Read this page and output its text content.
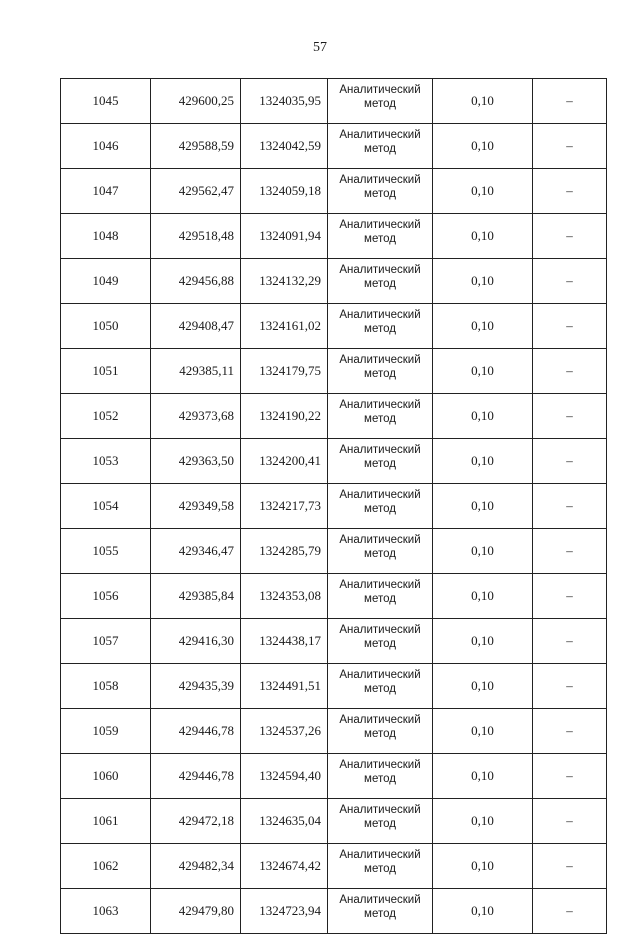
57
1045	429600,25	1324035,95	Аналитический метод	0,10	–
1046	429588,59	1324042,59	Аналитический метод	0,10	–
1047	429562,47	1324059,18	Аналитический метод	0,10	–
1048	429518,48	1324091,94	Аналитический метод	0,10	–
1049	429456,88	1324132,29	Аналитический метод	0,10	–
1050	429408,47	1324161,02	Аналитический метод	0,10	–
1051	429385,11	1324179,75	Аналитический метод	0,10	–
1052	429373,68	1324190,22	Аналитический метод	0,10	–
1053	429363,50	1324200,41	Аналитический метод	0,10	–
1054	429349,58	1324217,73	Аналитический метод	0,10	–
1055	429346,47	1324285,79	Аналитический метод	0,10	–
1056	429385,84	1324353,08	Аналитический метод	0,10	–
1057	429416,30	1324438,17	Аналитический метод	0,10	–
1058	429435,39	1324491,51	Аналитический метод	0,10	–
1059	429446,78	1324537,26	Аналитический метод	0,10	–
1060	429446,78	1324594,40	Аналитический метод	0,10	–
1061	429472,18	1324635,04	Аналитический метод	0,10	–
1062	429482,34	1324674,42	Аналитический метод	0,10	–
1063	429479,80	1324723,94	Аналитический метод	0,10	–
